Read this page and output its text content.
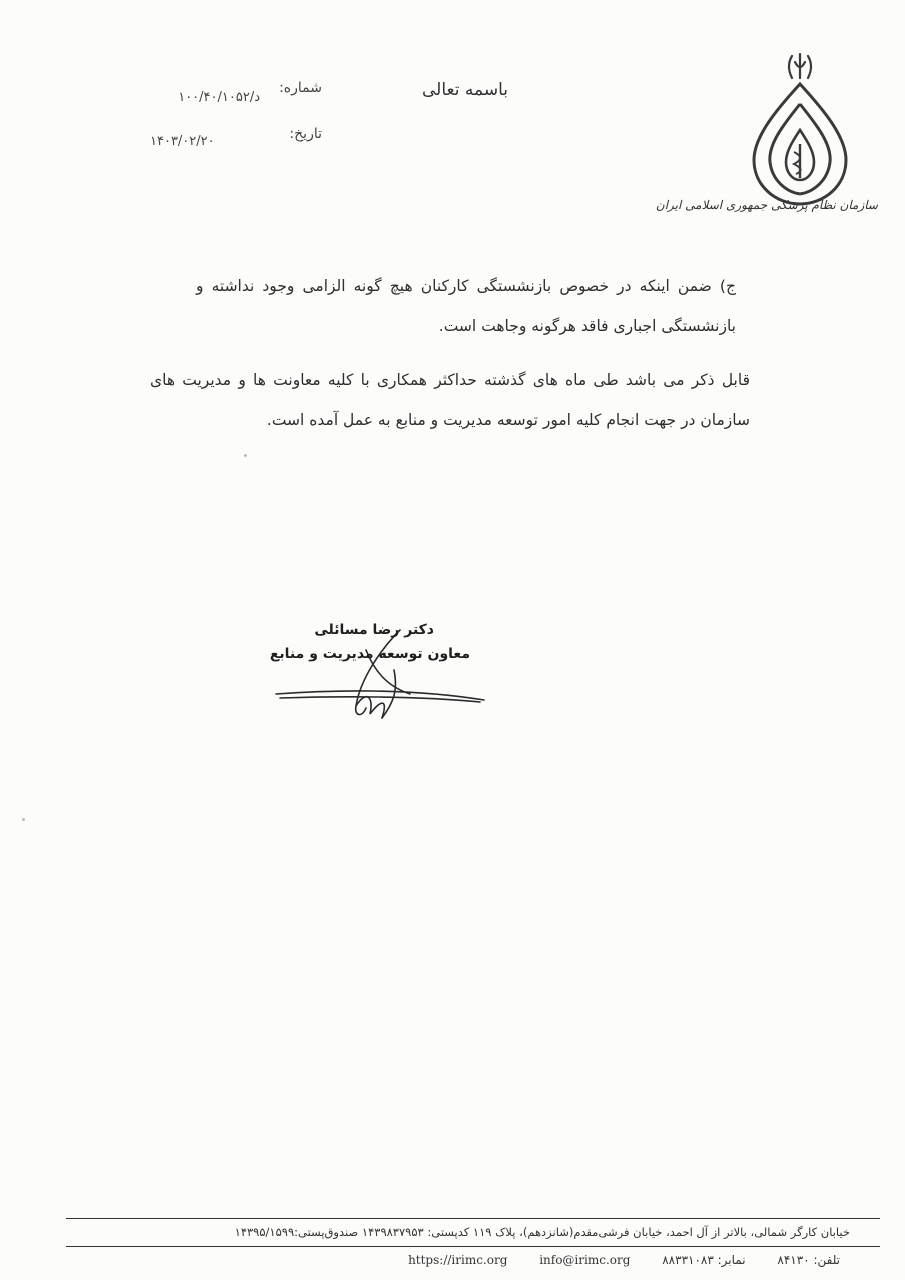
سازمان نظام پزشکی جمهوری اسلامی ایران
باسمه تعالی
شماره:
د/۱۰۰/۴۰/۱۰۵۲
تاریخ:
۱۴۰۳/۰۲/۲۰
ج) ضمن اینکه در خصوص بازنشستگی کارکنان هیچ گونه الزامی وجود نداشته و بازنشستگی اجباری فاقد هرگونه وجاهت است.
قابل ذکر می باشد طی ماه های گذشته حداکثر همکاری با کلیه معاونت ها و مدیریت های سازمان در جهت انجام کلیه امور توسعه مدیریت و منابع به عمل آمده است.
دکتر رضا مسائلی
معاون توسعه مدیریت و منابع
خیابان کارگر شمالی، بالاتر از آل احمد، خیابان فرشی‌مقدم(شانزدهم)، پلاک ۱۱۹ کدپستی: ۱۴۳۹۸۳۷۹۵۳ صندوق‌پستی:۱۴۳۹۵/۱۵۹۹
تلفن: ۸۴۱۳۰ نمابر: ۸۸۳۳۱۰۸۳ https://irimc.org	info@irimc.org
